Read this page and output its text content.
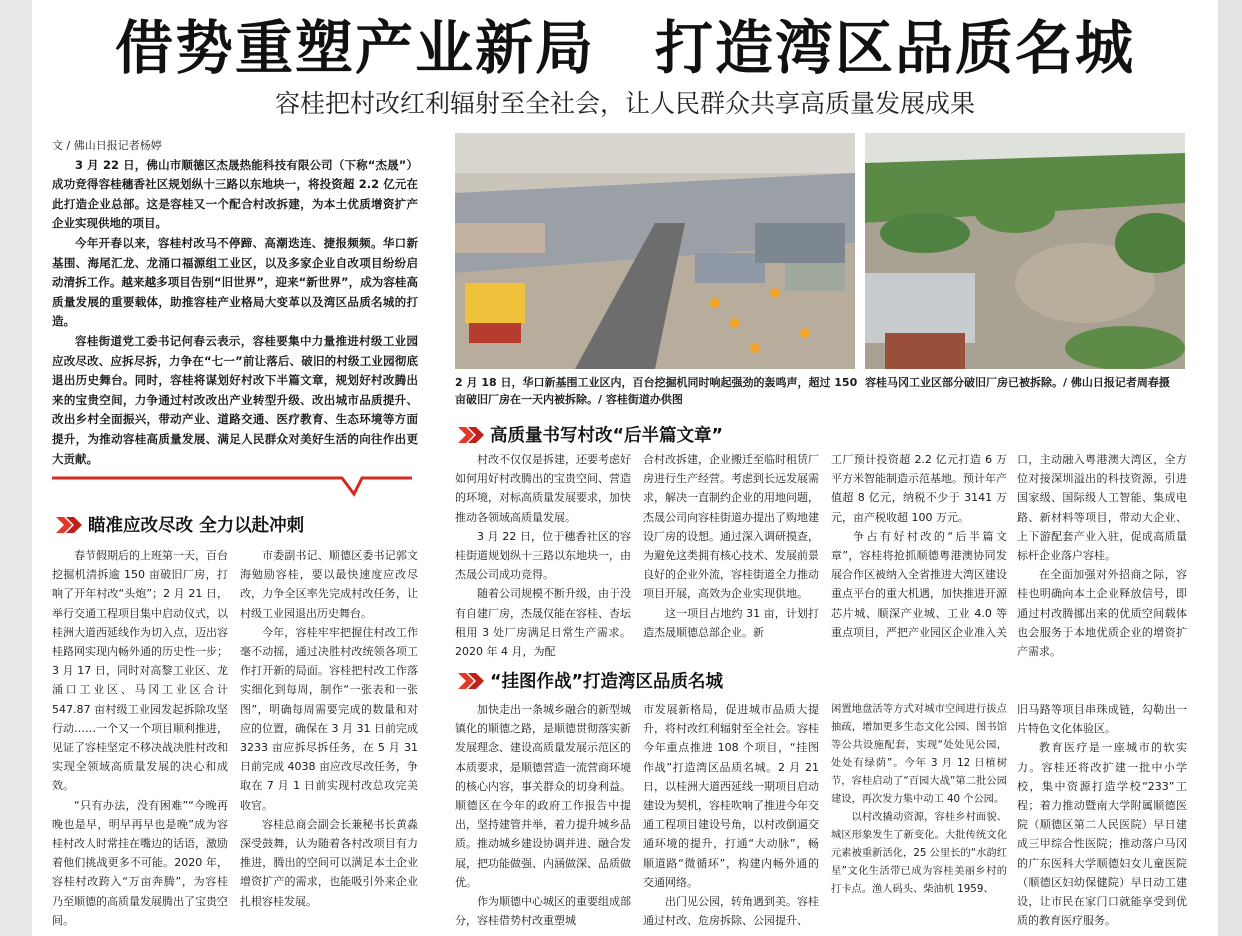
借势重塑产业新局　打造湾区品质名城
容桂把村改红利辐射至全社会，让人民群众共享高质量发展成果

文 / 佛山日报记者杨婷

3 月 22 日，佛山市顺德区杰晟热能科技有限公司（下称“杰晟”）成功竞得容桂穗香社区规划纵十三路以东地块一，将投资超 2.2 亿元在此打造企业总部。这是容桂又一个配合村改拆建，为本土优质增资扩产企业实现供地的项目。

今年开春以来，容桂村改马不停蹄、高潮迭连、捷报频频。华口新基围、海尾汇龙、龙涌口福源组工业区，以及多家企业自改项目纷纷启动清拆工作。越来越多项目告别“旧世界”，迎来“新世界”，成为容桂高质量发展的重要载体，助推容桂产业格局大变革以及湾区品质名城的打造。

容桂街道党工委书记何春云表示，容桂要集中力量推进村级工业园应改尽改、应拆尽拆，力争在“七一”前让落后、破旧的村级工业园彻底退出历史舞台。同时，容桂将谋划好村改下半篇文章，规划好村改腾出来的宝贵空间，力争通过村改改出产业转型升级、改出城市品质提升、改出乡村全面振兴，带动产业、道路交通、医疗教育、生态环境等方面提升，为推动容桂高质量发展、满足人民群众对美好生活的向往作出更大贡献。

瞄准应改尽改 全力以赴冲刺

春节假期后的上班第一天，百台挖掘机清拆逾 150 亩破旧厂房，打响了开年村改“头炮”；2 月 21 日，举行交通工程项目集中启动仪式，以桂洲大道西延线作为切入点，迈出容桂路网实现内畅外通的历史性一步；3 月 17 日，同时对高黎工业区、龙涌口工业区、马冈工业区合计 547.87 亩村级工业园发起拆除攻坚行动……一个又一个项目顺利推进，见证了容桂坚定不移决战决胜村改和实现全领域高质量发展的决心和成效。

“只有办法，没有困难”“今晚再晚也是早，明早再早也是晚”成为容桂村改人时常挂在嘴边的话语，激励着他们挑战更多不可能。2020 年，容桂村改跨入“万亩奔腾”，为容桂乃至顺德的高质量发展腾出了宝贵空间。

市委副书记、顺德区委书记郭文海勉励容桂，要以最快速度应改尽改，力争全区率先完成村改任务，让村级工业园退出历史舞台。

今年，容桂牢牢把握住村改工作毫不动摇，通过决胜村改统领各项工作打开新的局面。容桂把村改工作落实细化到每周，制作“一张表和一张图”，明确每周需要完成的数量和对应的位置，确保在 3 月 31 日前完成 3233 亩应拆尽拆任务，在 5 月 31 日前完成 4038 亩应改尽改任务，争取在 7 月 1 日前实现村改总攻完美收官。

容桂总商会副会长兼秘书长黄淼深受鼓舞，认为随着各村改项目有力推进，腾出的空间可以满足本土企业增资扩产的需求，也能吸引外来企业扎根容桂发展。

2 月 18 日，华口新基围工业区内，百台挖掘机同时响起强劲的轰鸣声，超过 150 亩破旧厂房在一天内被拆除。/ 容桂街道办供图
容桂马冈工业区部分破旧厂房已被拆除。/ 佛山日报记者周春摄
高质量书写村改“后半篇文章”

村改不仅仅是拆建，还要考虑好如何用好村改腾出的宝贵空间、营造的环境，对标高质量发展要求，加快推动各领域高质量发展。

3 月 22 日，位于穗香社区的容桂街道规划纵十三路以东地块一，由杰晟公司成功竞得。

随着公司规模不断升级，由于没有自建厂房，杰晟仅能在容桂、杏坛租用 3 处厂房满足日常生产需求。2020 年 4 月，为配

合村改拆建，企业搬迁至临时租赁厂房进行生产经营。考虑到长远发展需求，解决一直制约企业的用地问题，杰晟公司向容桂街道办提出了购地建设厂房的设想。通过深入调研摸查，为避免这类拥有核心技术、发展前景良好的企业外流，容桂街道全力推动项目开展，高效为企业实现供地。

这一项目占地约 31 亩，计划打造杰晟顺德总部企业。新

工厂预计投资超 2.2 亿元打造 6 万平方米智能制造示范基地。预计年产值超 8 亿元，纳税不少于 3141 万元，亩产税收超 100 万元。

争占有好村改的“后半篇文章”，容桂将抢抓顺德粤港澳协同发展合作区被纳入全省推进大湾区建设重点平台的重大机遇，加快推进开源芯片城、顺深产业城、工业 4.0 等重点项目，严把产业园区企业准入关

口，主动融入粤港澳大湾区，全方位对接深圳溢出的科技资源，引进国家级、国际级人工智能、集成电路、新材料等项目，带动大企业、上下游配套产业入驻，促成高质量标杆企业落户容桂。

在全面加强对外招商之际，容桂也明确向本土企业释放信号，即通过村改腾挪出来的优质空间载体也会服务于本地优质企业的增资扩产需求。

“挂图作战”打造湾区品质名城

加快走出一条城乡融合的新型城镇化的顺德之路，是顺德贯彻落实新发展理念、建设高质量发展示范区的本质要求，是顺德营造一流营商环境的核心内容，事关群众的切身利益。顺德区在今年的政府工作报告中提出，坚持建管并举，着力提升城乡品质。推动城乡建设协调并进、融合发展，把功能做强、内涵做深、品质做优。

作为顺德中心城区的重要组成部分，容桂借势村改重塑城

市发展新格局，促进城市品质大提升，将村改红利辐射至全社会。容桂今年重点推进 108 个项目，“挂图作战”打造湾区品质名城。2 月 21 日，以桂洲大道西延线一期项目启动建设为契机，容桂吹响了推进今年交通工程项目建设号角，以村改倒逼交通环境的提升，打通“大动脉”，畅顺道路“微循环”，构建内畅外通的交通网络。

出门见公园，转角遇到美。容桂通过村改、危房拆除、公园提升、

闲置地盘活等方式对城市空间进行拔点抽疏，增加更多生态文化公园、图书馆等公共设施配套，实现“处处见公园，处处有绿荫”。今年 3 月 12 日植树节，容桂启动了“百园大战”第二批公园建设，再次发力集中动工 40 个公园。

以村改撬动资源，容桂乡村面貌、城区形象发生了新变化。大批传统文化元素被重新活化，25 公里长的“水韵红星”文化生活带已成为容桂美丽乡村的打卡点。渔人码头、柴油机 1959、

旧马路等项目串珠成链，勾勒出一片特色文化体验区。

教育医疗是一座城市的软实力。容桂还将改扩建一批中小学校，集中资源打造学校“233”工程；着力推动暨南大学附属顺德医院（顺德区第二人民医院）早日建成三甲综合性医院；推动落户马冈的广东医科大学顺德妇女儿童医院（顺德区妇幼保健院）早日动工建设，让市民在家门口就能享受到优质的教育医疗服务。
